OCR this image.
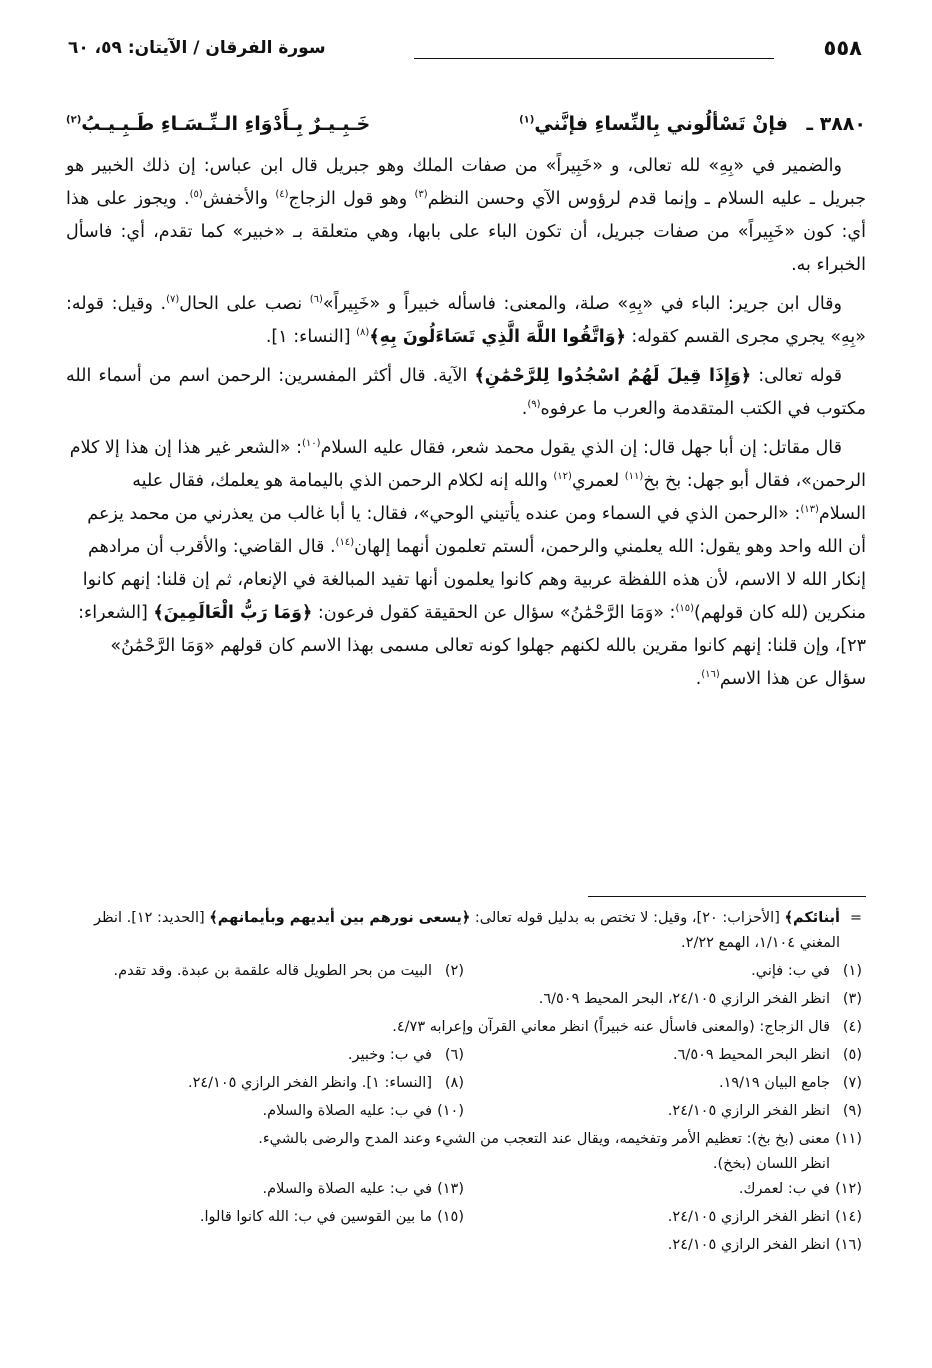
٥٥٨
سورة الفرقان / الآيتان: ٥٩، ٦٠
٣٨٨٠ ـ
فإنْ تَسْألُوني بِالنِّساءِ فإنَّني$^{(١)}$
خَـبِـيـرٌ بِـأَدْوَاءِ الـنِّـسَـاءِ طَـبِـيـبُ$^{(٢)}$

والضمير في «بِهِ» لله تعالى، و «خَبِيراً» من صفات الملك وهو جبريل قال ابن عباس: إن ذلك الخبير هو جبريل ـ عليه السلام ـ وإنما قدم لرؤوس الآي وحسن النظم$^{(٣)}$ وهو قول الزجاج$^{(٤)}$ والأخفش$^{(٥)}$. ويجوز على هذا أي: كون «خَبِيراً» من صفات جبريل، أن تكون الباء على بابها، وهي متعلقة بـ «خبير» كما تقدم، أي: فاسأل الخبراء به.

وقال ابن جرير: الباء في «بِهِ» صلة، والمعنى: فاسأله خبيراً و «خَبِيراً»$^{(٦)}$ نصب على الحال$^{(٧)}$. وقيل: قوله: «بِهِ» يجري مجرى القسم كقوله: ﴿وَاتَّقُوا اللَّهَ الَّذِي تَسَاءَلُونَ بِهِ﴾$^{(٨)}$ [النساء: ١].

قوله تعالى: ﴿وَإِذَا قِيلَ لَهُمُ اسْجُدُوا لِلرَّحْمَٰنِ﴾ الآية. قال أكثر المفسرين: الرحمن اسم من أسماء الله مكتوب في الكتب المتقدمة والعرب ما عرفوه$^{(٩)}$.

قال مقاتل: إن أبا جهل قال: إن الذي يقول محمد شعر، فقال عليه السلام$^{(١٠)}$: «الشعر غير هذا إن هذا إلا كلام الرحمن»، فقال أبو جهل: بخ بخ$^{(١١)}$ لعمري$^{(١٢)}$ والله إنه لكلام الرحمن الذي باليمامة هو يعلمك، فقال عليه السلام$^{(١٣)}$: «الرحمن الذي في السماء ومن عنده يأتيني الوحي»، فقال: يا أبا غالب من يعذرني من محمد يزعم أن الله واحد وهو يقول: الله يعلمني والرحمن، ألستم تعلمون أنهما إلهان$^{(١٤)}$. قال القاضي: والأقرب أن مرادهم إنكار الله لا الاسم، لأن هذه اللفظة عربية وهم كانوا يعلمون أنها تفيد المبالغة في الإنعام، ثم إن قلنا: إنهم كانوا منكرين (لله كان قولهم)$^{(١٥)}$: «وَمَا الرَّحْمَٰنُ» سؤال عن الحقيقة كقول فرعون: ﴿وَمَا رَبُّ الْعَالَمِينَ﴾ [الشعراء: ٢٣]، وإن قلنا: إنهم كانوا مقرين بالله لكنهم جهلوا كونه تعالى مسمى بهذا الاسم كان قولهم «وَمَا الرَّحْمَٰنُ» سؤال عن هذا الاسم$^{(١٦)}$.

=
أبنائكم﴾ [الأحزاب: ٢٠]، وقيل: لا تختص به بدليل قوله تعالى: ﴿يسعى نورهم بين أيديهم وبأيمانهم﴾ [الحديد: ١٢]. انظر المغني ١/١٠٤، الهمع ٢/٢٢.
(١)في ب: فإني.
(٢)البيت من بحر الطويل قاله علقمة بن عبدة. وقد تقدم.
(٣)انظر الفخر الرازي ٢٤/١٠٥، البحر المحيط ٦/٥٠٩.
(٤)قال الزجاج: (والمعنى فاسأل عنه خبيراً) انظر معاني القرآن وإعرابه ٤/٧٣.
(٥)انظر البحر المحيط ٦/٥٠٩.
(٦)في ب: وخبير.
(٧)جامع البيان ١٩/١٩.
(٨)[النساء: ١]. وانظر الفخر الرازي ٢٤/١٠٥.
(٩)انظر الفخر الرازي ٢٤/١٠٥.
(١٠)في ب: عليه الصلاة والسلام.
(١١)معنى (بخ بخ): تعظيم الأمر وتفخيمه، ويقال عند التعجب من الشيء وعند المدح والرضى بالشيء.
انظر اللسان (بخخ).
(١٢)في ب: لعمرك.
(١٣)في ب: عليه الصلاة والسلام.
(١٤)انظر الفخر الرازي ٢٤/١٠٥.
(١٥)ما بين القوسين في ب: الله كانوا قالوا.
(١٦)انظر الفخر الرازي ٢٤/١٠٥.
